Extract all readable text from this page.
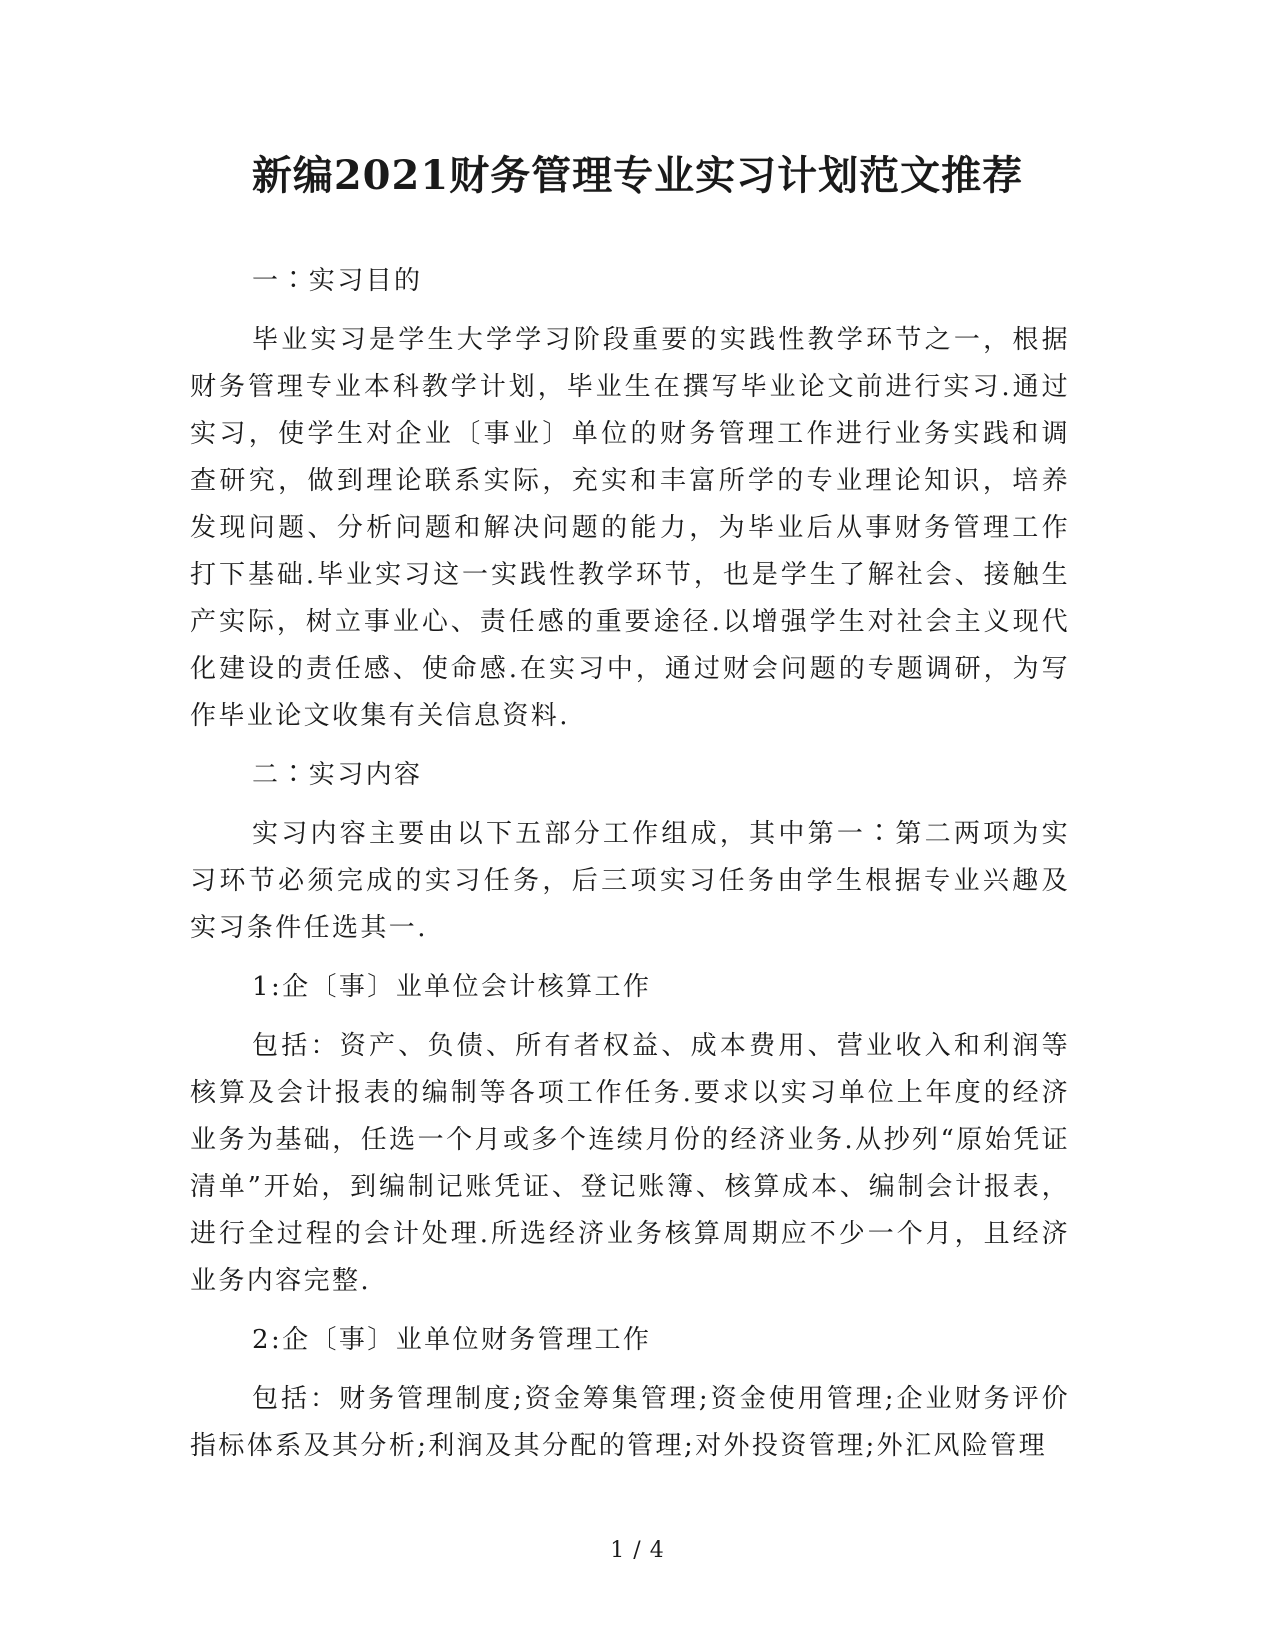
新编2021财务管理专业实习计划范文推荐

一∶实习目的

毕业实习是学生大学学习阶段重要的实践性教学环节之一，根据财务管理专业本科教学计划，毕业生在撰写毕业论文前进行实习.通过实习，使学生对企业〔事业〕单位的财务管理工作进行业务实践和调查研究，做到理论联系实际，充实和丰富所学的专业理论知识，培养发现问题、分析问题和解决问题的能力，为毕业后从事财务管理工作打下基础.毕业实习这一实践性教学环节，也是学生了解社会、接触生产实际，树立事业心、责任感的重要途径.以增强学生对社会主义现代化建设的责任感、使命感.在实习中，通过财会问题的专题调研，为写作毕业论文收集有关信息资料.

二∶实习内容

实习内容主要由以下五部分工作组成，其中第一∶第二两项为实习环节必须完成的实习任务，后三项实习任务由学生根据专业兴趣及实习条件任选其一.

1:企〔事〕业单位会计核算工作

包括：资产、负债、所有者权益、成本费用、营业收入和利润等核算及会计报表的编制等各项工作任务.要求以实习单位上年度的经济业务为基础，任选一个月或多个连续月份的经济业务.从抄列“原始凭证清单”开始，到编制记账凭证、登记账簿、核算成本、编制会计报表，进行全过程的会计处理.所选经济业务核算周期应不少一个月，且经济业务内容完整.

2:企〔事〕业单位财务管理工作

包括：财务管理制度;资金筹集管理;资金使用管理;企业财务评价指标体系及其分析;利润及其分配的管理;对外投资管理;外汇风险管理

1 / 4
